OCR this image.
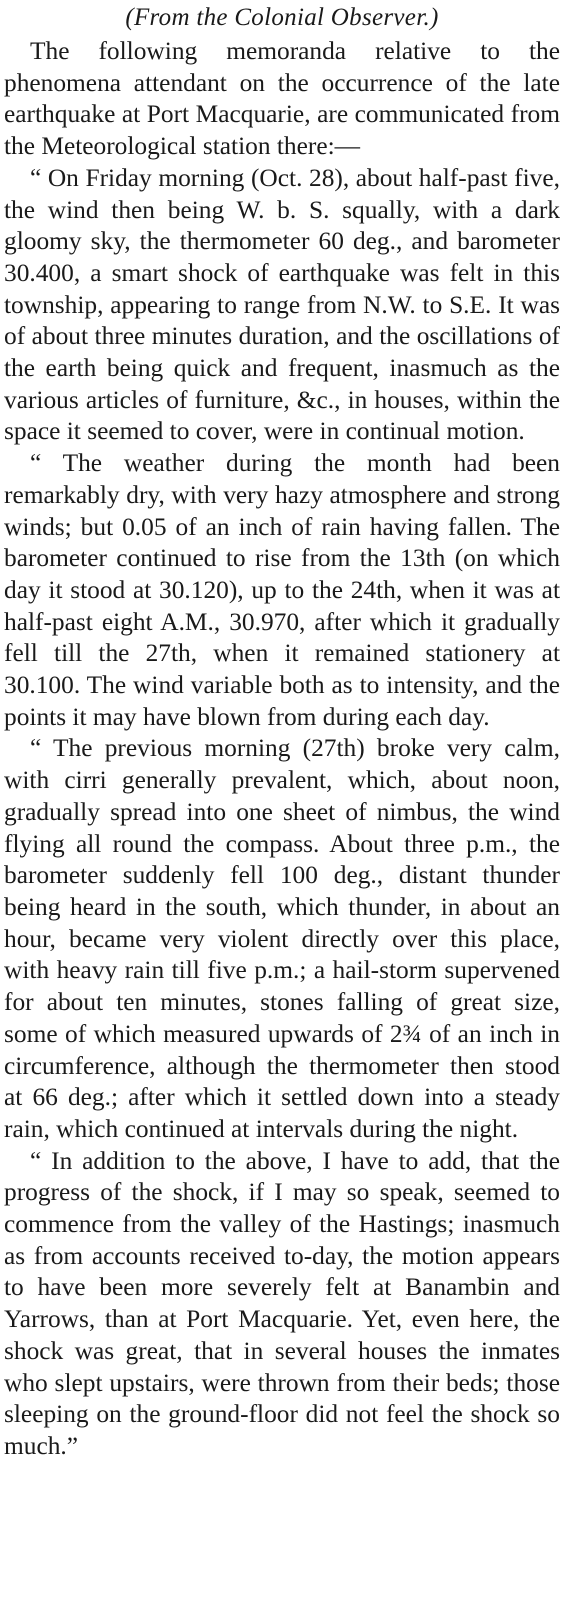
(From the Colonial Observer.)

The following memoranda relative to the phenomena attendant on the occurrence of the late earthquake at Port Macquarie, are communicated from the Meteorological station there:—

“ On Friday morning (Oct. 28), about half-past five, the wind then being W. b. S. squally, with a dark gloomy sky, the thermometer 60 deg., and barometer 30.400, a smart shock of earthquake was felt in this township, appearing to range from N.W. to S.E. It was of about three minutes duration, and the oscillations of the earth being quick and frequent, inasmuch as the various articles of furniture, &c., in houses, within the space it seemed to cover, were in continual motion.

“ The weather during the month had been remarkably dry, with very hazy atmosphere and strong winds; but 0.05 of an inch of rain having fallen. The barometer continued to rise from the 13th (on which day it stood at 30.120), up to the 24th, when it was at half-past eight A.M., 30.970, after which it gradually fell till the 27th, when it remained stationery at 30.100. The wind variable both as to intensity, and the points it may have blown from during each day.

“ The previous morning (27th) broke very calm, with cirri generally prevalent, which, about noon, gradually spread into one sheet of nimbus, the wind flying all round the compass. About three p.m., the barometer suddenly fell 100 deg., distant thunder being heard in the south, which thunder, in about an hour, became very violent directly over this place, with heavy rain till five p.m.; a hail-storm supervened for about ten minutes, stones falling of great size, some of which measured upwards of 2¾ of an inch in circumference, although the thermometer then stood at 66 deg.; after which it settled down into a steady rain, which continued at intervals during the night.

“ In addition to the above, I have to add, that the progress of the shock, if I may so speak, seemed to commence from the valley of the Hastings; inasmuch as from accounts received to-day, the motion appears to have been more severely felt at Banambin and Yarrows, than at Port Macquarie. Yet, even here, the shock was great, that in several houses the inmates who slept upstairs, were thrown from their beds; those sleeping on the ground-floor did not feel the shock so much.”
